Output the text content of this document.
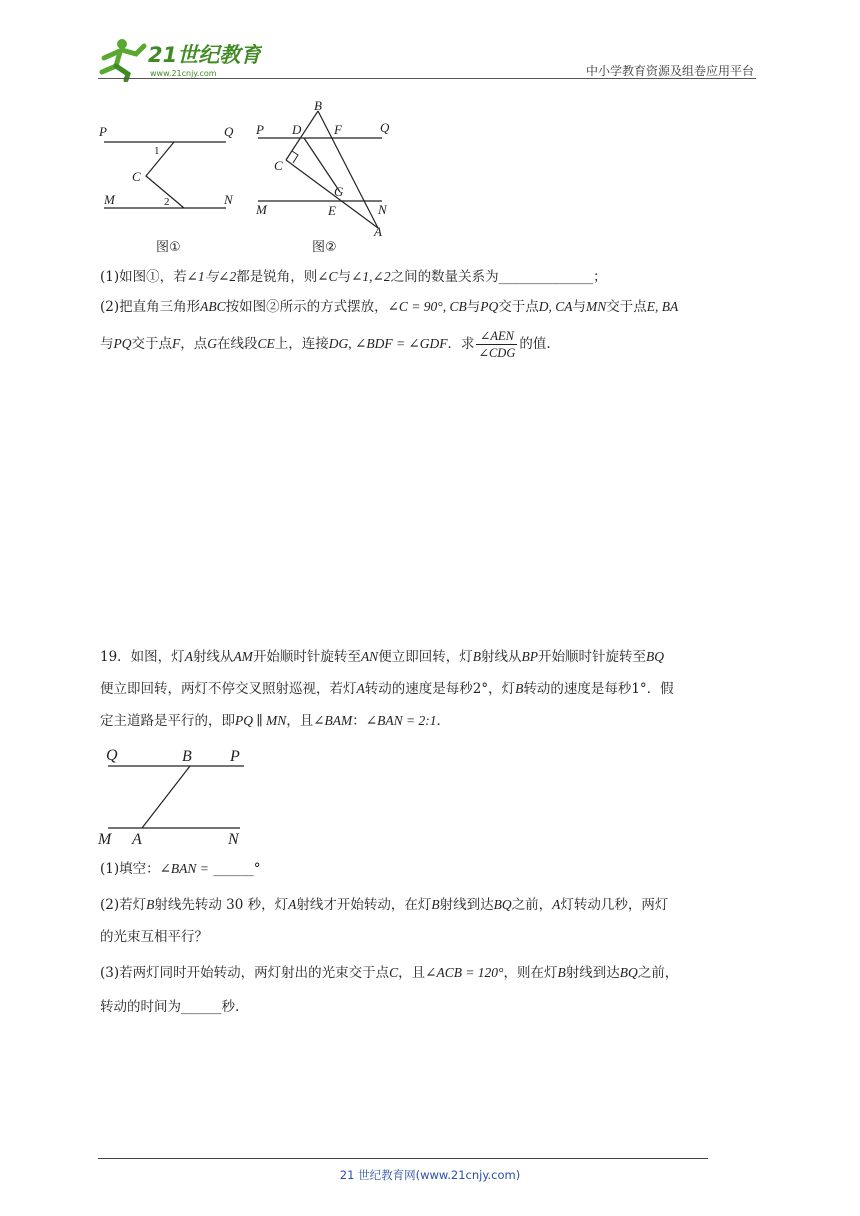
21世纪教育
www.21cnjy.com	中小学教育资源及组卷应用平台
P	Q
1
C
M	2	N
图①
B
P D	F	Q
C
G
M	E	N
A
图②
(1)如图①，若∠1与∠2都是锐角，则∠C与∠1,∠2之间的数量关系为______________；
(2)把直角三角形ABC按如图②所示的方式摆放，∠C = 90°, CB与PQ交于点D, CA与MN交于点E, BA
与PQ交于点F，点G在线段CE上，连接DG, ∠BDF = ∠GDF．求 $\frac{\text{∠AEN}}{\text{∠CDG}}$ 的值.
19．如图，灯A射线从AM开始顺时针旋转至AN便立即回转，灯B射线从BP开始顺时针旋转至BQ
便立即回转，两灯不停交叉照射巡视，若灯A转动的速度是每秒2°，灯B转动的速度是每秒1°．假
定主道路是平行的，即PQ ∥ MN，且∠BAM：∠BAN = 2:1．
Q	B P
M A	N
(1)填空：∠BAN = ______°
(2)若灯B射线先转动 30 秒，灯A射线才开始转动，在灯B射线到达BQ之前，A灯转动几秒，两灯
的光束互相平行？
(3)若两灯同时开始转动，两灯射出的光束交于点C，且∠ACB = 120°，则在灯B射线到达BQ之前，
转动的时间为______秒.
21 世纪教育网(www.21cnjy.com)
